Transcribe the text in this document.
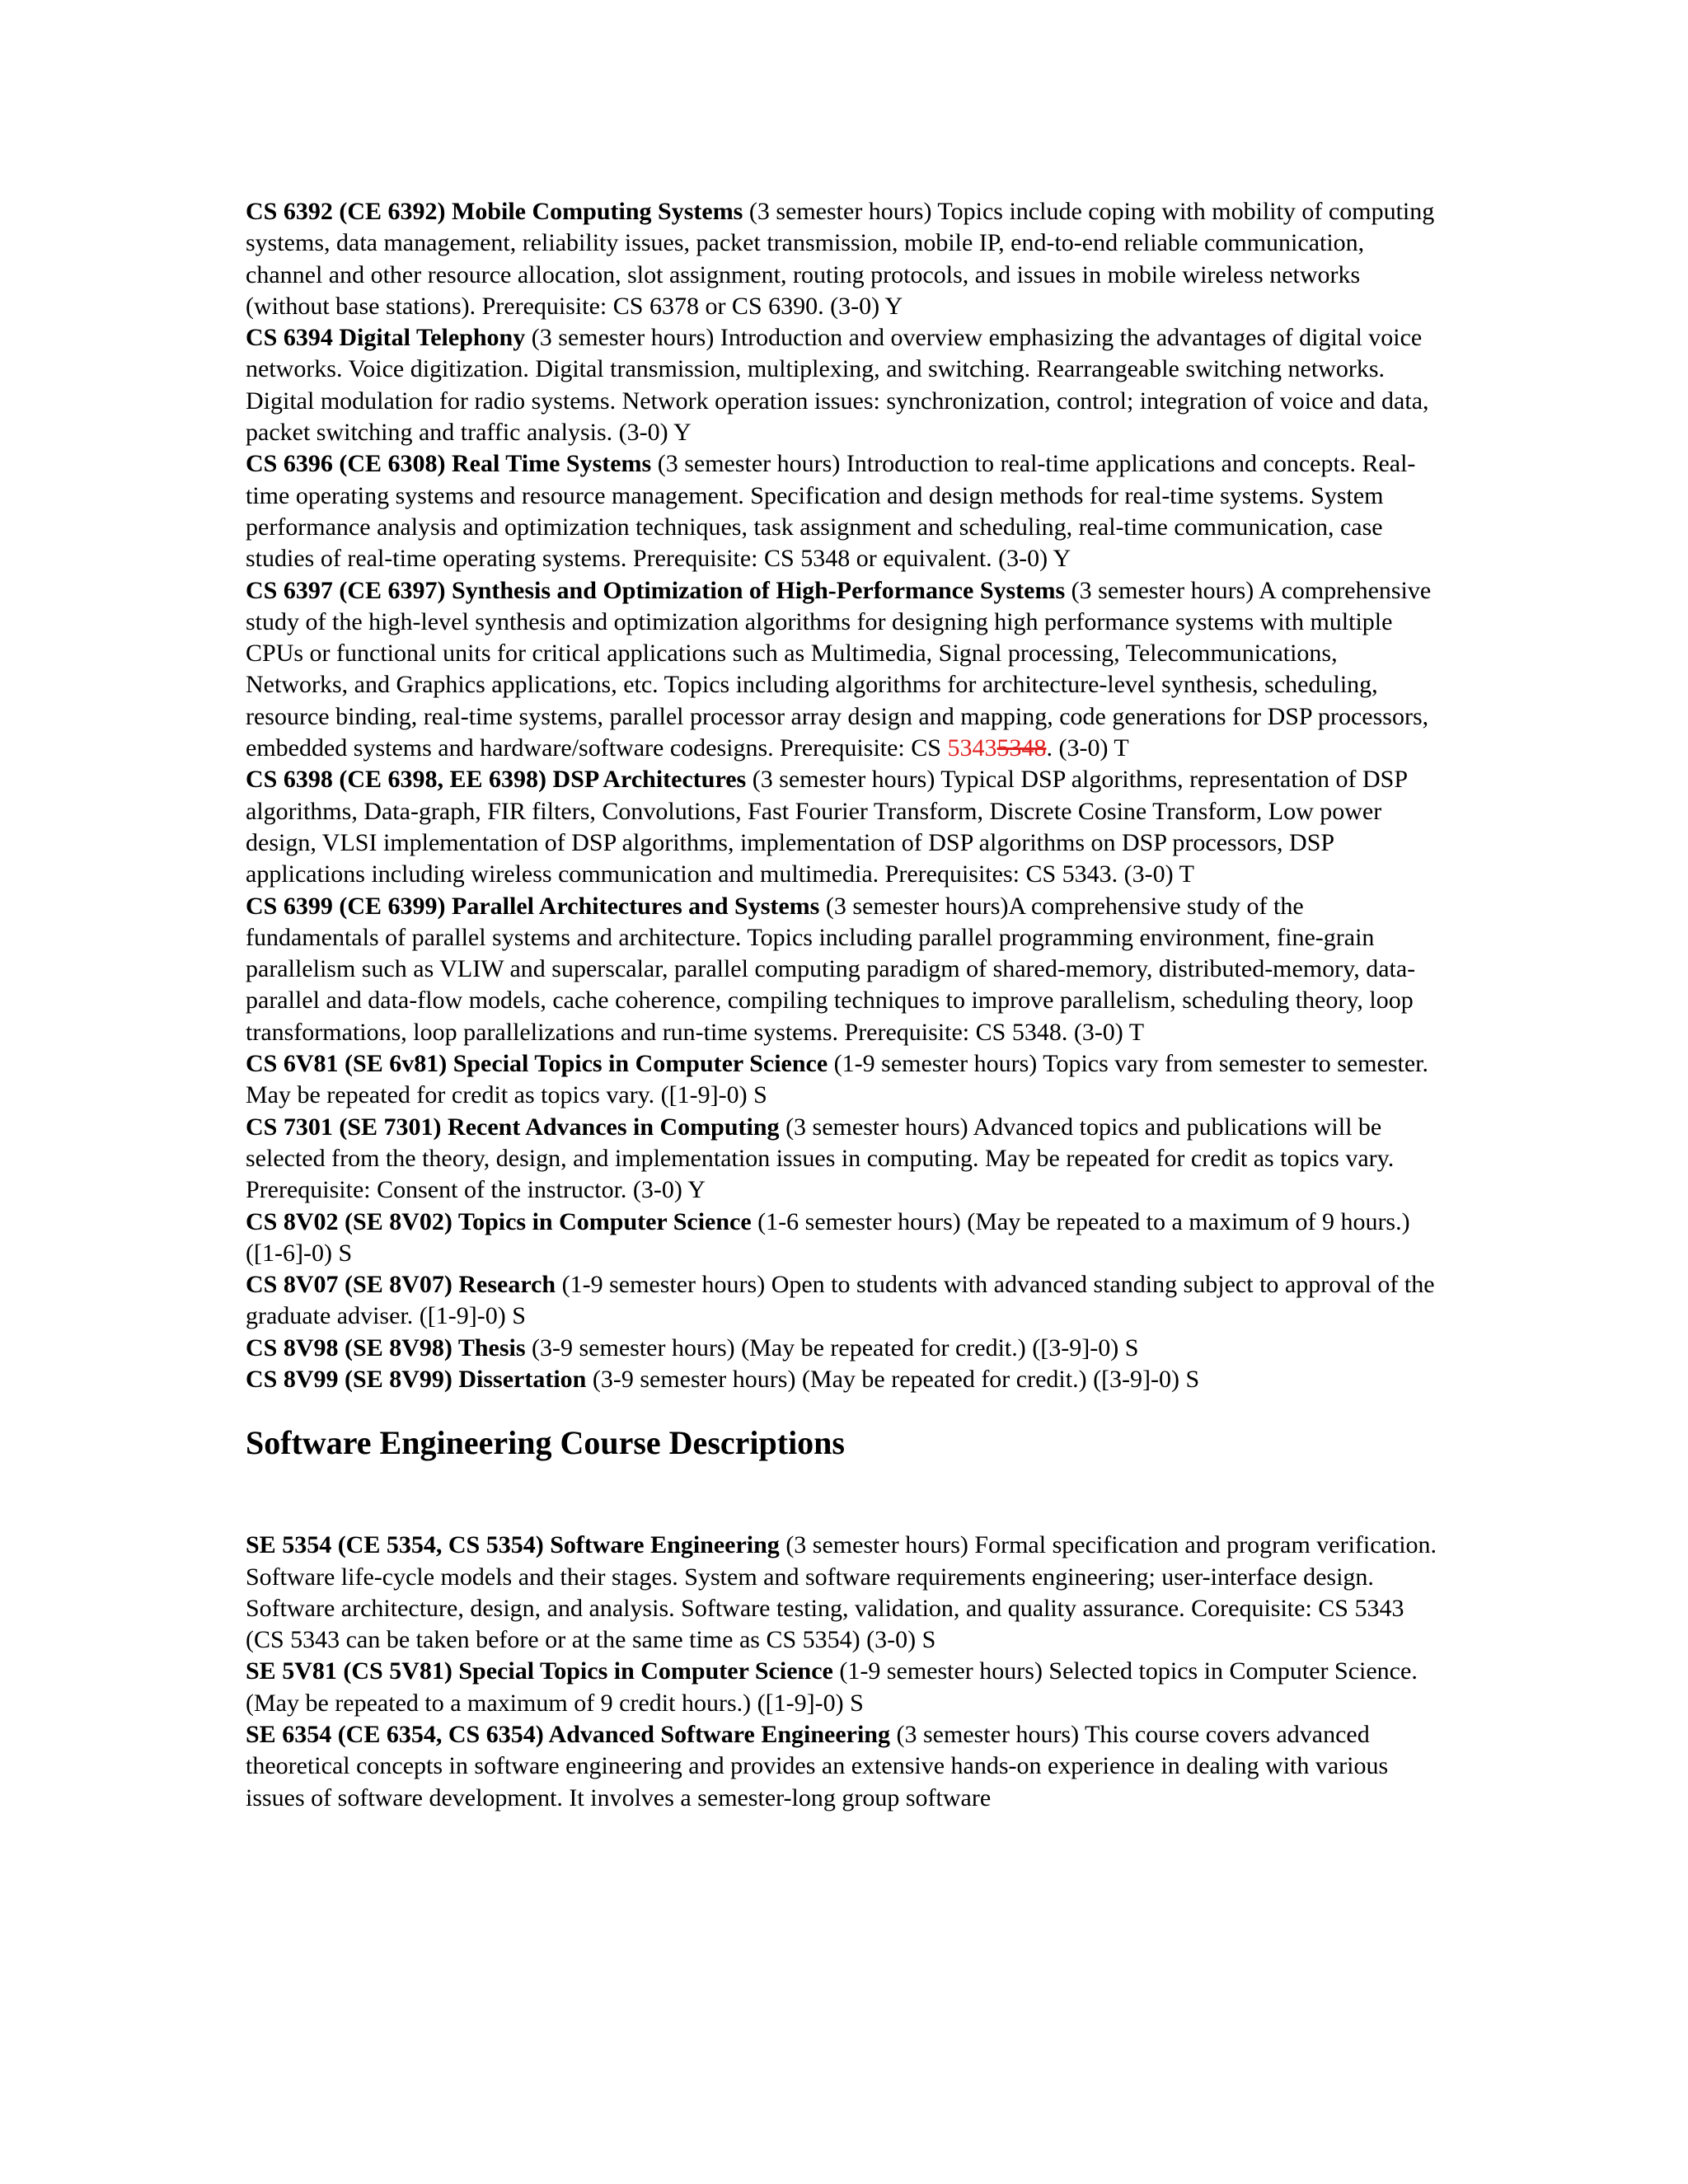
CS 6392 (CE 6392) Mobile Computing Systems (3 semester hours) Topics include coping with mobility of computing systems, data management, reliability issues, packet transmission, mobile IP, end-to-end reliable communication, channel and other resource allocation, slot assignment, routing protocols, and issues in mobile wireless networks (without base stations). Prerequisite: CS 6378 or CS 6390. (3-0) Y

CS 6394 Digital Telephony (3 semester hours) Introduction and overview emphasizing the advantages of digital voice networks. Voice digitization. Digital transmission, multiplexing, and switching. Rearrangeable switching networks. Digital modulation for radio systems. Network operation issues: synchronization, control; integration of voice and data, packet switching and traffic analysis. (3-0) Y

CS 6396 (CE 6308) Real Time Systems (3 semester hours) Introduction to real-time applications and concepts. Real-time operating systems and resource management. Specification and design methods for real-time systems. System performance analysis and optimization techniques, task assignment and scheduling, real-time communication, case studies of real-time operating systems. Prerequisite: CS 5348 or equivalent. (3-0) Y

CS 6397 (CE 6397) Synthesis and Optimization of High-Performance Systems (3 semester hours) A comprehensive study of the high-level synthesis and optimization algorithms for designing high performance systems with multiple CPUs or functional units for critical applications such as Multimedia, Signal processing, Telecommunications, Networks, and Graphics applications, etc. Topics including algorithms for architecture-level synthesis, scheduling, resource binding, real-time systems, parallel processor array design and mapping, code generations for DSP processors, embedded systems and hardware/software codesigns. Prerequisite: CS 53435348. (3-0) T

CS 6398 (CE 6398, EE 6398) DSP Architectures (3 semester hours) Typical DSP algorithms, representation of DSP algorithms, Data-graph, FIR filters, Convolutions, Fast Fourier Transform, Discrete Cosine Transform, Low power design, VLSI implementation of DSP algorithms, implementation of DSP algorithms on DSP processors, DSP applications including wireless communication and multimedia. Prerequisites: CS 5343. (3-0) T

CS 6399 (CE 6399) Parallel Architectures and Systems (3 semester hours)A comprehensive study of the fundamentals of parallel systems and architecture. Topics including parallel programming environment, fine-grain parallelism such as VLIW and superscalar, parallel computing paradigm of shared-memory, distributed-memory, data-parallel and data-flow models, cache coherence, compiling techniques to improve parallelism, scheduling theory, loop transformations, loop parallelizations and run-time systems. Prerequisite: CS 5348. (3-0) T

CS 6V81 (SE 6v81) Special Topics in Computer Science (1-9 semester hours) Topics vary from semester to semester. May be repeated for credit as topics vary. ([1-9]-0) S

CS 7301 (SE 7301) Recent Advances in Computing (3 semester hours) Advanced topics and publications will be selected from the theory, design, and implementation issues in computing. May be repeated for credit as topics vary. Prerequisite: Consent of the instructor. (3-0) Y

CS 8V02 (SE 8V02) Topics in Computer Science (1-6 semester hours) (May be repeated to a maximum of 9 hours.) ([1-6]-0) S

CS 8V07 (SE 8V07) Research (1-9 semester hours) Open to students with advanced standing subject to approval of the graduate adviser. ([1-9]-0) S

CS 8V98 (SE 8V98) Thesis (3-9 semester hours) (May be repeated for credit.) ([3-9]-0) S

CS 8V99 (SE 8V99) Dissertation (3-9 semester hours) (May be repeated for credit.) ([3-9]-0) S

Software Engineering Course Descriptions

SE 5354 (CE 5354, CS 5354) Software Engineering (3 semester hours) Formal specification and program verification. Software life-cycle models and their stages. System and software requirements engineering; user-interface design. Software architecture, design, and analysis. Software testing, validation, and quality assurance. Corequisite: CS 5343 (CS 5343 can be taken before or at the same time as CS 5354) (3-0) S

SE 5V81 (CS 5V81) Special Topics in Computer Science (1-9 semester hours) Selected topics in Computer Science. (May be repeated to a maximum of 9 credit hours.) ([1-9]-0) S

SE 6354 (CE 6354, CS 6354) Advanced Software Engineering (3 semester hours) This course covers advanced theoretical concepts in software engineering and provides an extensive hands-on experience in dealing with various issues of software development. It involves a semester-long group software
